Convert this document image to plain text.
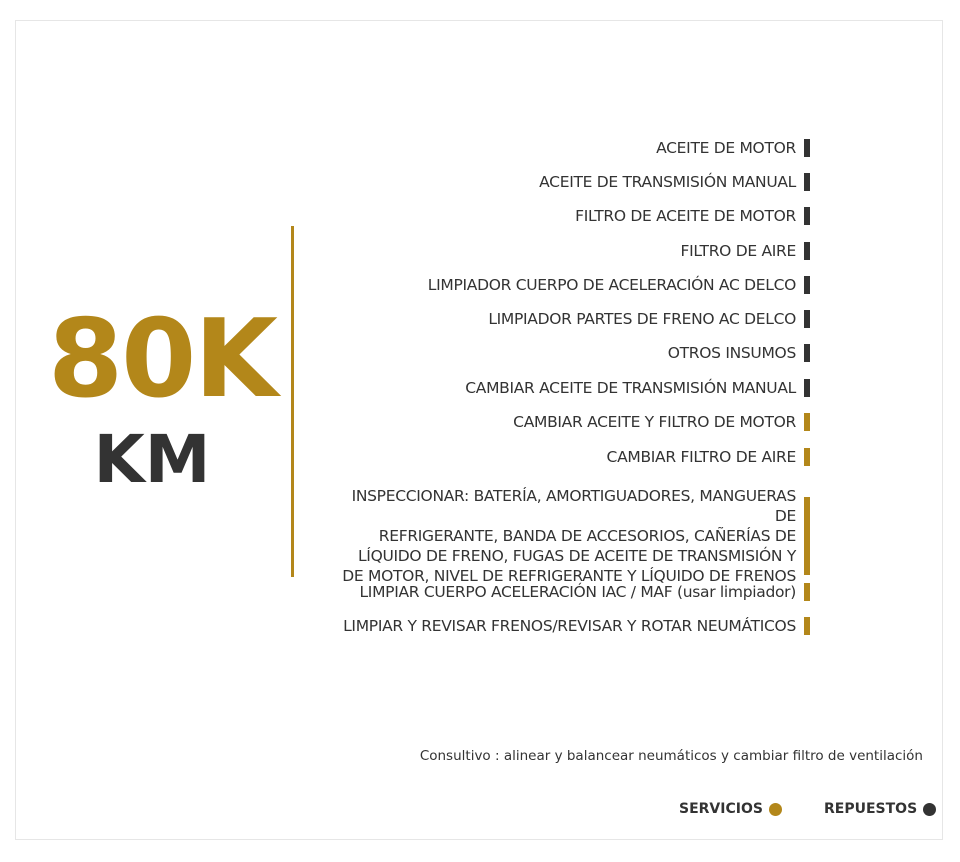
80K
KM
ACEITE DE MOTOR
ACEITE DE TRANSMISIÓN MANUAL
FILTRO DE ACEITE DE MOTOR
FILTRO DE AIRE
LIMPIADOR CUERPO DE ACELERACIÓN AC DELCO
LIMPIADOR PARTES DE FRENO AC DELCO
OTROS INSUMOS
CAMBIAR ACEITE DE TRANSMISIÓN MANUAL
CAMBIAR ACEITE Y FILTRO DE MOTOR
CAMBIAR FILTRO DE AIRE
INSPECCIONAR: BATERÍA, AMORTIGUADORES, MANGUERAS DE
REFRIGERANTE, BANDA DE ACCESORIOS, CAÑERÍAS DE
LÍQUIDO DE FRENO, FUGAS DE ACEITE DE TRANSMISIÓN Y
DE MOTOR, NIVEL DE REFRIGERANTE Y LÍQUIDO DE FRENOS
LIMPIAR CUERPO ACELERACIÓN IAC / MAF (usar limpiador)
LIMPIAR Y REVISAR FRENOS/REVISAR Y ROTAR NEUMÁTICOS
Consultivo : alinear y balancear neumáticos y cambiar filtro de ventilación
SERVICIOS	REPUESTOS
